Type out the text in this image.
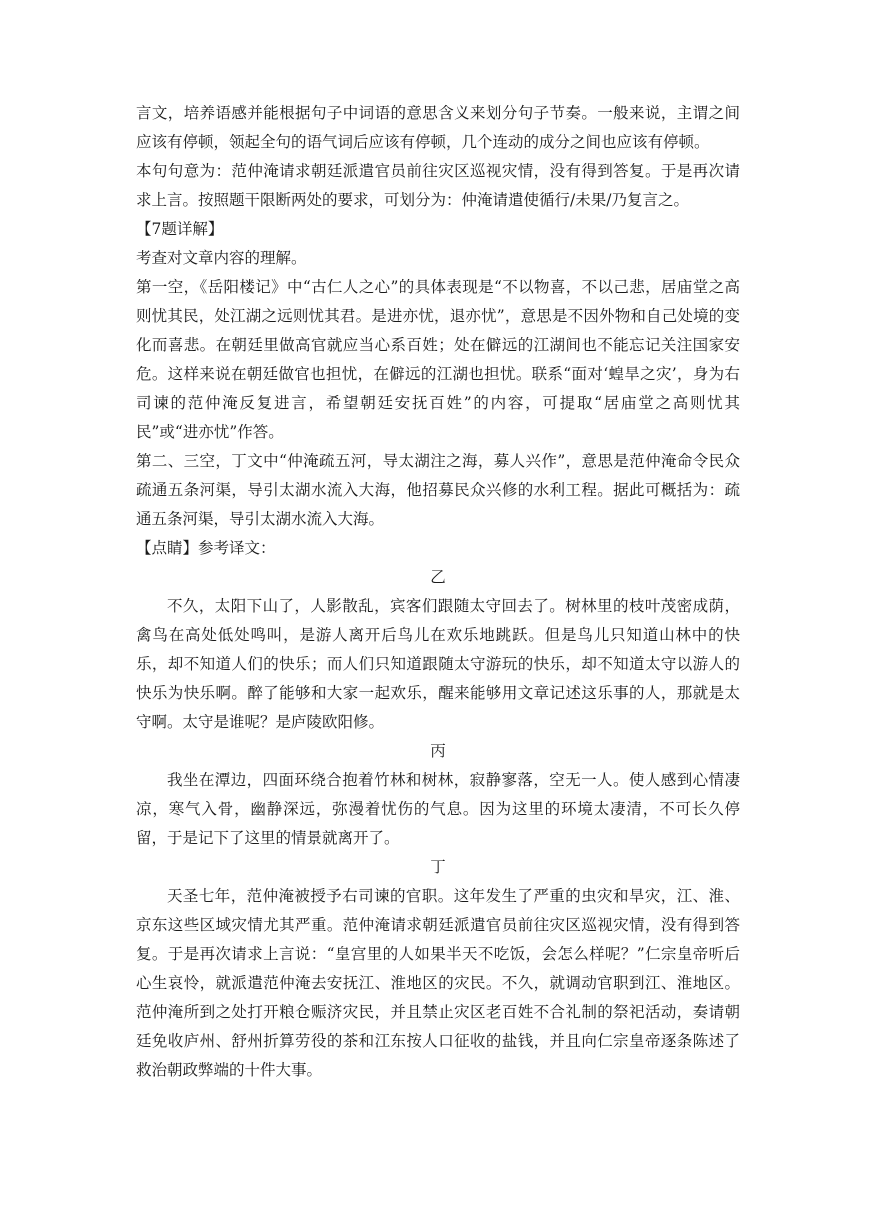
言文，培养语感并能根据句子中词语的意思含义来划分句子节奏。一般来说，主谓之间应该有停顿，领起全句的语气词后应该有停顿，几个连动的成分之间也应该有停顿。

本句句意为：范仲淹请求朝廷派遣官员前往灾区巡视灾情，没有得到答复。于是再次请求上言。按照题干限断两处的要求，可划分为：仲淹请遣使循行/未果/乃复言之。

【7题详解】

考查对文章内容的理解。

第一空，《岳阳楼记》中“古仁人之心”的具体表现是“不以物喜，不以己悲，居庙堂之高则忧其民，处江湖之远则忧其君。是进亦忧，退亦忧”，意思是不因外物和自己处境的变化而喜悲。在朝廷里做高官就应当心系百姓；处在僻远的江湖间也不能忘记关注国家安危。这样来说在朝廷做官也担忧，在僻远的江湖也担忧。联系“面对‘蝗旱之灾’，身为右司谏的范仲淹反复进言，希望朝廷安抚百姓”的内容，可提取“居庙堂之高则忧其民”或“进亦忧”作答。

第二、三空，丁文中“仲淹疏五河，导太湖注之海，募人兴作”，意思是范仲淹命令民众疏通五条河渠，导引太湖水流入大海，他招募民众兴修的水利工程。据此可概括为：疏通五条河渠，导引太湖水流入大海。

【点睛】参考译文：

乙

不久，太阳下山了，人影散乱，宾客们跟随太守回去了。树林里的枝叶茂密成荫，禽鸟在高处低处鸣叫，是游人离开后鸟儿在欢乐地跳跃。但是鸟儿只知道山林中的快乐，却不知道人们的快乐；而人们只知道跟随太守游玩的快乐，却不知道太守以游人的快乐为快乐啊。醉了能够和大家一起欢乐，醒来能够用文章记述这乐事的人，那就是太守啊。太守是谁呢？是庐陵欧阳修。

丙

我坐在潭边，四面环绕合抱着竹林和树林，寂静寥落，空无一人。使人感到心情凄凉，寒气入骨，幽静深远，弥漫着忧伤的气息。因为这里的环境太凄清，不可长久停留，于是记下了这里的情景就离开了。

丁

天圣七年，范仲淹被授予右司谏的官职。这年发生了严重的虫灾和旱灾，江、淮、京东这些区域灾情尤其严重。范仲淹请求朝廷派遣官员前往灾区巡视灾情，没有得到答复。于是再次请求上言说：“皇宫里的人如果半天不吃饭，会怎么样呢？”仁宗皇帝听后心生哀怜，就派遣范仲淹去安抚江、淮地区的灾民。不久，就调动官职到江、淮地区。范仲淹所到之处打开粮仓赈济灾民，并且禁止灾区老百姓不合礼制的祭祀活动，奏请朝廷免收庐州、舒州折算劳役的茶和江东按人口征收的盐钱，并且向仁宗皇帝逐条陈述了救治朝政弊端的十件大事。
